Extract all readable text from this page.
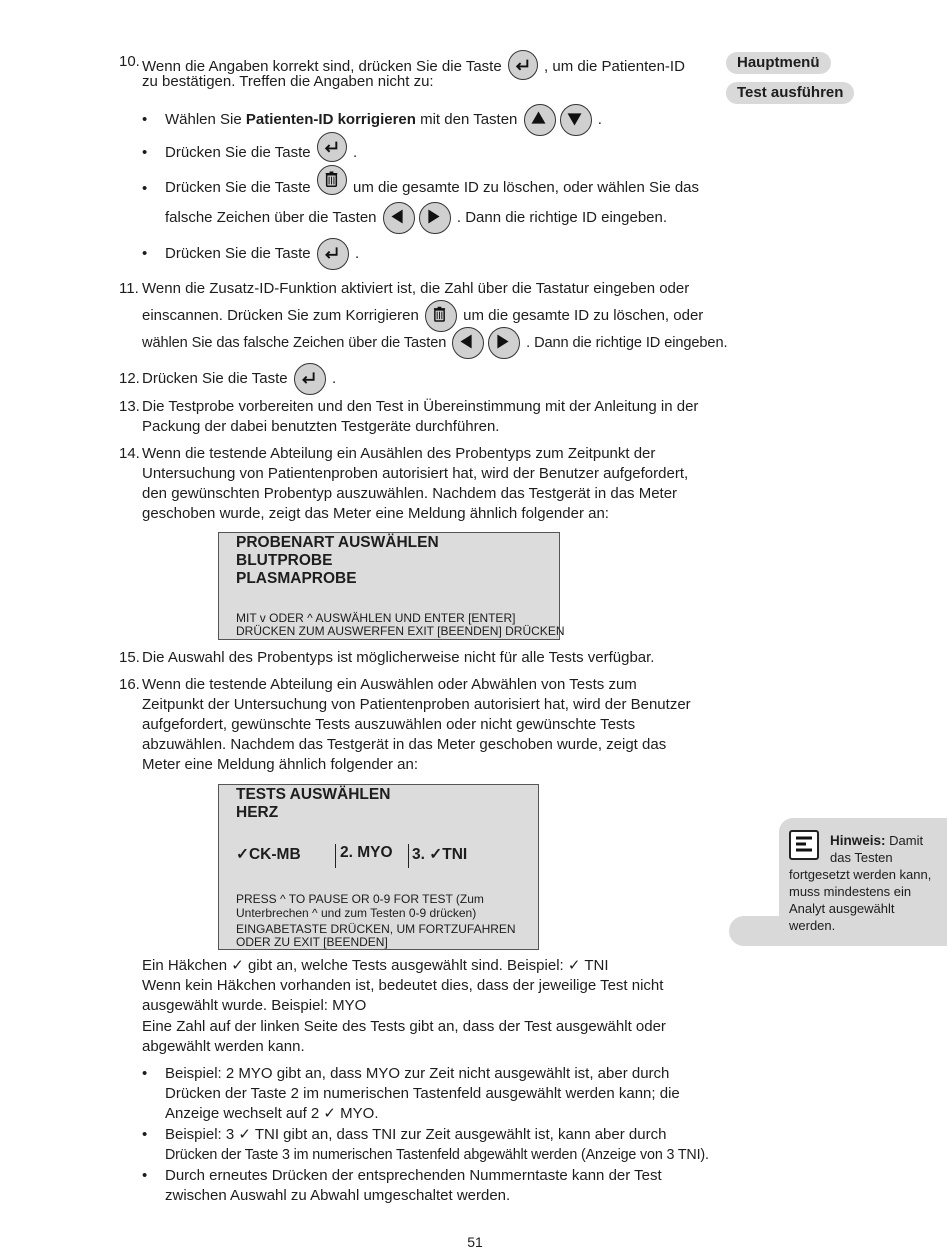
Hauptmenü
Test ausführen
10. Wenn die Angaben korrekt sind, drücken Sie die Taste	, um die Patienten-ID
zu bestätigen. Treffen die Angaben nicht zu:
• Wählen Sie Patienten-ID korrigieren mit den Tasten	.
• Drücken Sie die Taste	.
• Drücken Sie die Taste	um die gesamte ID zu löschen, oder wählen Sie das
falsche Zeichen über die Tasten	. Dann die richtige ID eingeben.
• Drücken Sie die Taste	.
11. Wenn die Zusatz-ID-Funktion aktiviert ist, die Zahl über die Tastatur eingeben oder
einscannen. Drücken Sie zum Korrigieren	um die gesamte ID zu löschen, oder
wählen Sie das falsche Zeichen über die Tasten	. Dann die richtige ID eingeben.
12. Drücken Sie die Taste	.
13. Die Testprobe vorbereiten und den Test in Übereinstimmung mit der Anleitung in der
Packung der dabei benutzten Testgeräte durchführen.
14. Wenn die testende Abteilung ein Ausählen des Probentyps zum Zeitpunkt der
Untersuchung von Patientenproben autorisiert hat, wird der Benutzer aufgefordert,
den gewünschten Probentyp auszuwählen. Nachdem das Testgerät in das Meter
geschoben wurde, zeigt das Meter eine Meldung ähnlich folgender an:
PROBENART AUSWÄHLEN
BLUTPROBE
PLASMAPROBE
MIT v ODER ^ AUSWÄHLEN UND ENTER [ENTER]
DRÜCKEN ZUM AUSWERFEN EXIT [BEENDEN] DRÜCKEN
15. Die Auswahl des Probentyps ist möglicherweise nicht für alle Tests verfügbar.
16. Wenn die testende Abteilung ein Auswählen oder Abwählen von Tests zum
Zeitpunkt der Untersuchung von Patientenproben autorisiert hat, wird der Benutzer
aufgefordert, gewünschte Tests auszuwählen oder nicht gewünschte Tests
abzuwählen. Nachdem das Testgerät in das Meter geschoben wurde, zeigt das
Meter eine Meldung ähnlich folgender an:
TESTS AUSWÄHLEN
HERZ
✓CK-MB	2. MYO 3. ✓TNI
PRESS ^ TO PAUSE OR 0-9 FOR TEST (Zum
Unterbrechen ^ und zum Testen 0-9 drücken)
EINGABETASTE DRÜCKEN, UM FORTZUFAHREN
ODER ZU EXIT [BEENDEN]
Ein Häkchen ✓ gibt an, welche Tests ausgewählt sind. Beispiel: ✓ TNI
Wenn kein Häkchen vorhanden ist, bedeutet dies, dass der jeweilige Test nicht
ausgewählt wurde. Beispiel: MYO
Eine Zahl auf der linken Seite des Tests gibt an, dass der Test ausgewählt oder
abgewählt werden kann.
• Beispiel: 2 MYO gibt an, dass MYO zur Zeit nicht ausgewählt ist, aber durch
Drücken der Taste 2 im numerischen Tastenfeld ausgewählt werden kann; die
Anzeige wechselt auf 2 ✓ MYO.
• Beispiel: 3 ✓ TNI gibt an, dass TNI zur Zeit ausgewählt ist, kann aber durch
Drücken der Taste 3 im numerischen Tastenfeld abgewählt werden (Anzeige von 3 TNI).
• Durch erneutes Drücken der entsprechenden Nummerntaste kann der Test
zwischen Auswahl zu Abwahl umgeschaltet werden.
Hinweis: Damit
das Testen
fortgesetzt werden kann,
muss mindestens ein
Analyt ausgewählt
werden.
51
